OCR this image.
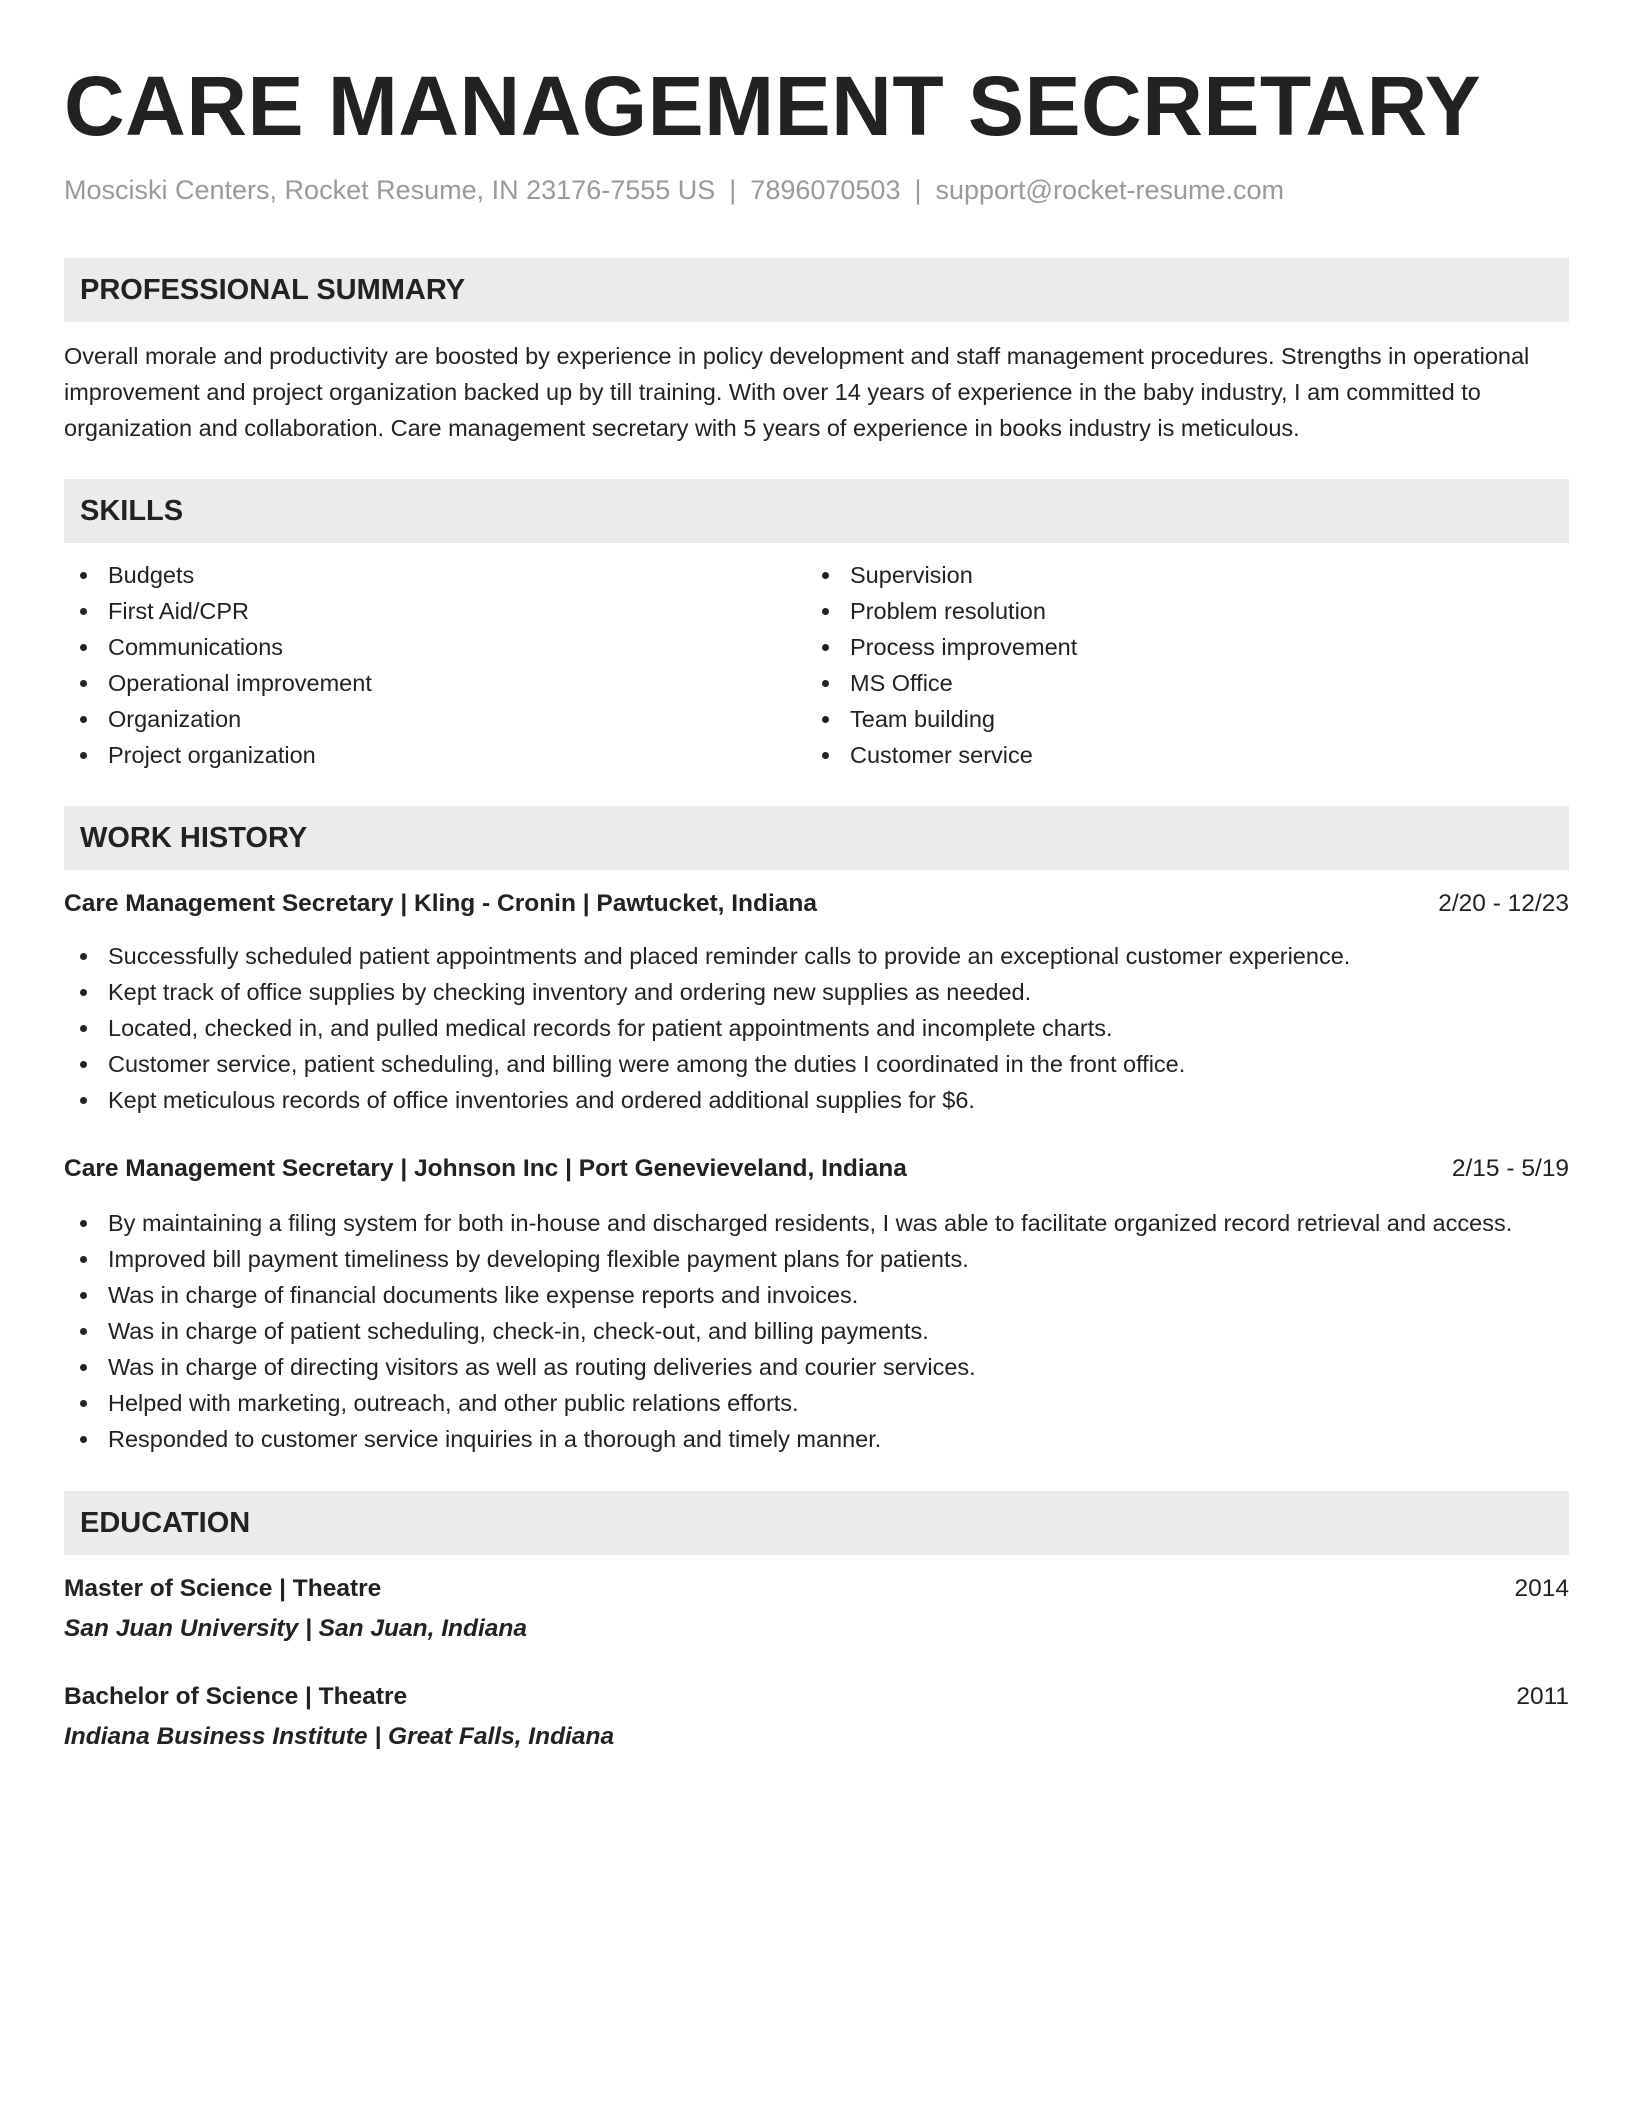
CARE MANAGEMENT SECRETARY
Mosciski Centers, Rocket Resume, IN 23176-7555 US | 7896070503 | support@rocket-resume.com
PROFESSIONAL SUMMARY
Overall morale and productivity are boosted by experience in policy development and staff management procedures. Strengths in operational improvement and project organization backed up by till training. With over 14 years of experience in the baby industry, I am committed to organization and collaboration. Care management secretary with 5 years of experience in books industry is meticulous.
SKILLS
Budgets
First Aid/CPR
Communications
Operational improvement
Organization
Project organization
Supervision
Problem resolution
Process improvement
MS Office
Team building
Customer service
WORK HISTORY
Care Management Secretary | Kling - Cronin | Pawtucket, Indiana	2/20 - 12/23
Successfully scheduled patient appointments and placed reminder calls to provide an exceptional customer experience.
Kept track of office supplies by checking inventory and ordering new supplies as needed.
Located, checked in, and pulled medical records for patient appointments and incomplete charts.
Customer service, patient scheduling, and billing were among the duties I coordinated in the front office.
Kept meticulous records of office inventories and ordered additional supplies for $6.
Care Management Secretary | Johnson Inc | Port Genevieveland, Indiana	2/15 - 5/19
By maintaining a filing system for both in-house and discharged residents, I was able to facilitate organized record retrieval and access.
Improved bill payment timeliness by developing flexible payment plans for patients.
Was in charge of financial documents like expense reports and invoices.
Was in charge of patient scheduling, check-in, check-out, and billing payments.
Was in charge of directing visitors as well as routing deliveries and courier services.
Helped with marketing, outreach, and other public relations efforts.
Responded to customer service inquiries in a thorough and timely manner.
EDUCATION
Master of Science | Theatre	2014
San Juan University | San Juan, Indiana
Bachelor of Science | Theatre	2011
Indiana Business Institute | Great Falls, Indiana
